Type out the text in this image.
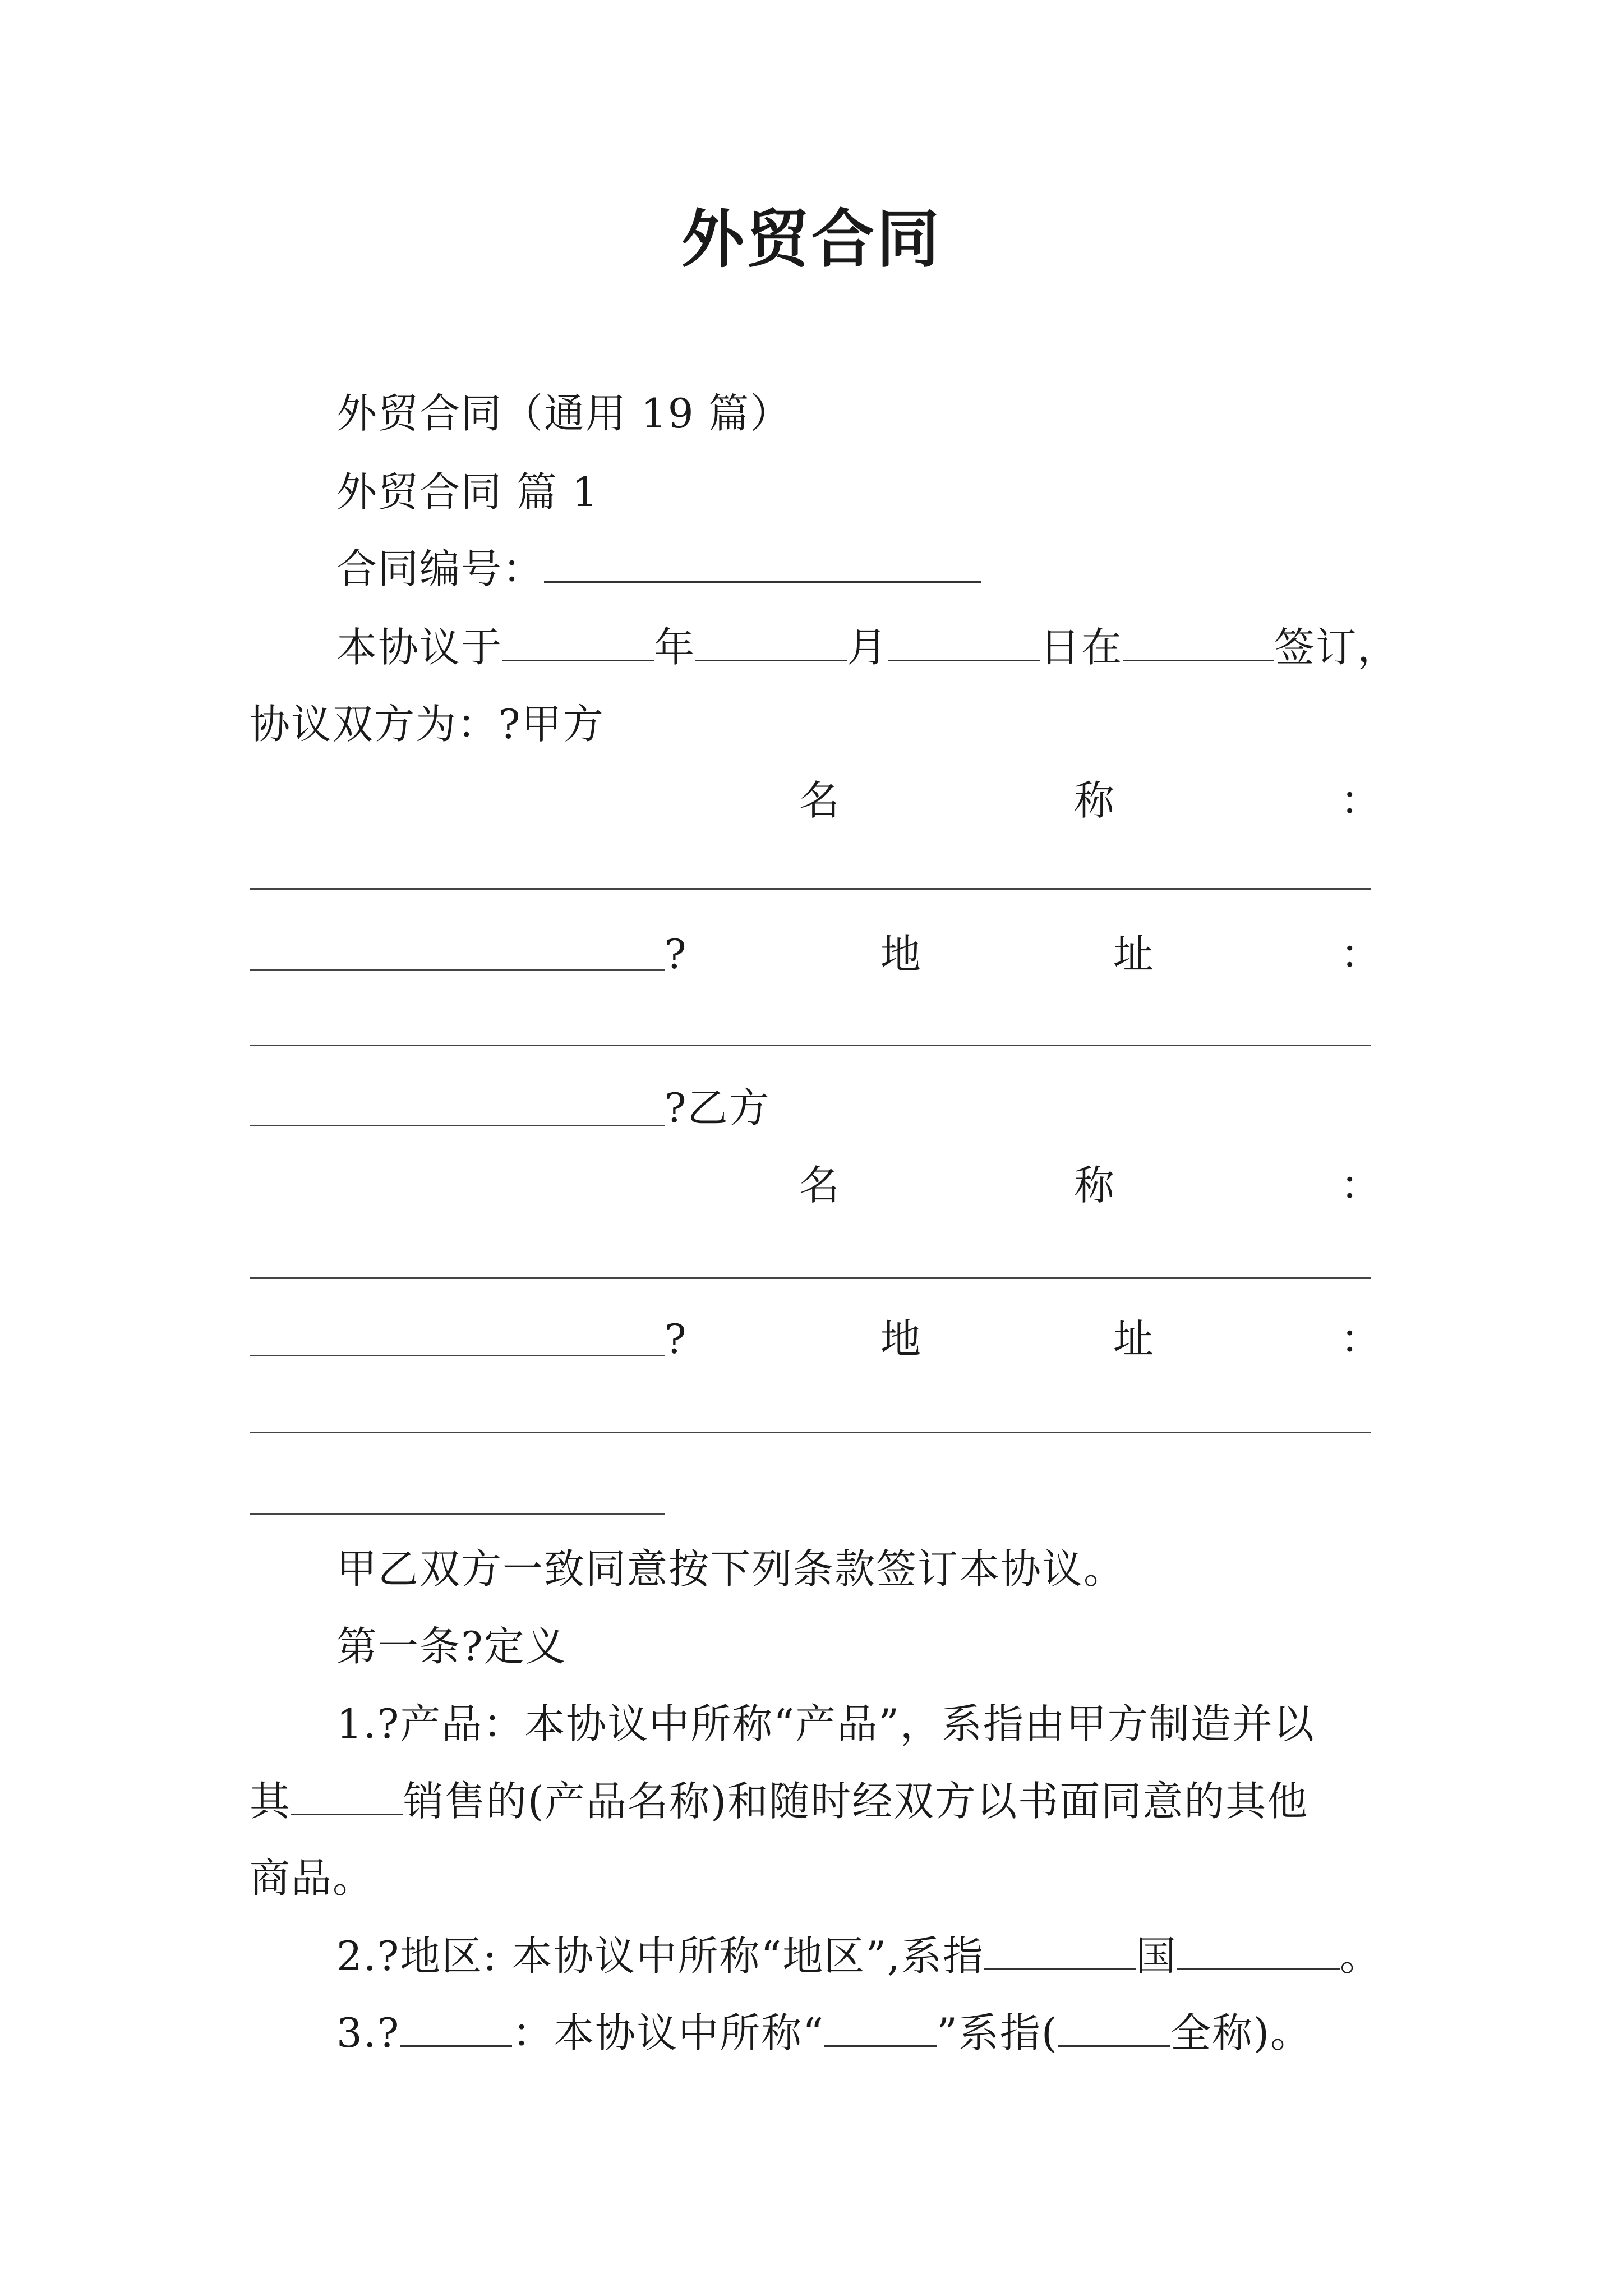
外贸合同
外贸合同（通用 19 篇）
外贸合同 篇 1
合同编号：
本协议于	年	月	日在	签订，
协议双方为：?甲方
名	称	：
?	地	址	：
?乙方
名	称	：
?	地	址	：
甲乙双方一致同意按下列条款签订本协议。
第一条?定义
1.?产品：本协议中所称“产品”，系指由甲方制造并以
其	销售的(产品名称)和随时经双方以书面同意的其他
商品。
2.?地区: 本协议中所称“地区”,系指	国	。
3.?	：本协议中所称“	”系指(	全称)。
